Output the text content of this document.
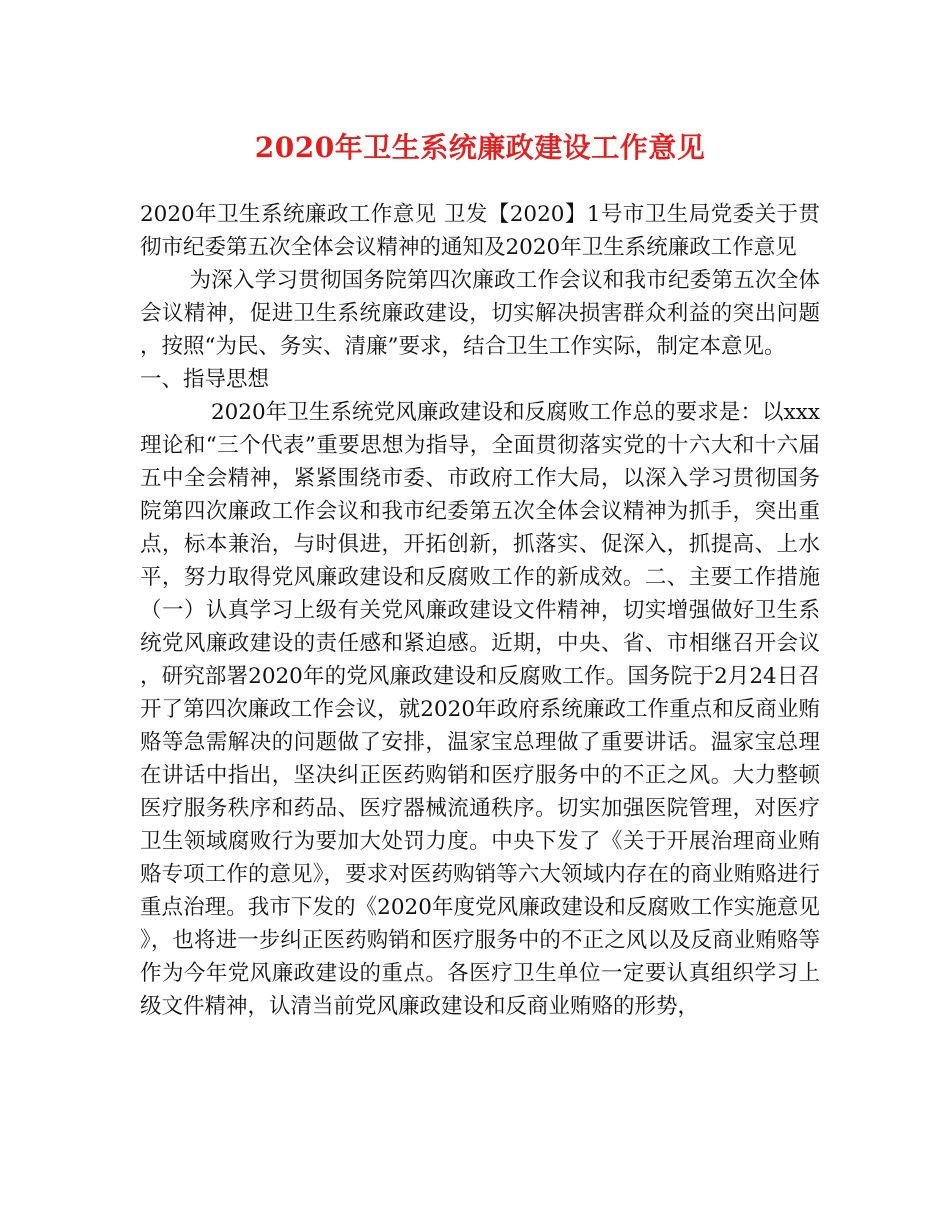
2020年卫生系统廉政建设工作意见

2020年卫生系统廉政工作意见 卫发【2020】1号市卫生局党委关于贯彻市纪委第五次全体会议精神的通知及2020年卫生系统廉政工作意见

为深入学习贯彻国务院第四次廉政工作会议和我市纪委第五次全体会议精神，促进卫生系统廉政建设，切实解决损害群众利益的突出问题，按照“为民、务实、清廉”要求，结合卫生工作实际，制定本意见。

一、指导思想

2020年卫生系统党风廉政建设和反腐败工作总的要求是：以xxx理论和“三个代表”重要思想为指导，全面贯彻落实党的十六大和十六届五中全会精神，紧紧围绕市委、市政府工作大局，以深入学习贯彻国务院第四次廉政工作会议和我市纪委第五次全体会议精神为抓手，突出重点，标本兼治，与时俱进，开拓创新，抓落实、促深入，抓提高、上水平，努力取得党风廉政建设和反腐败工作的新成效。二、主要工作措施（一）认真学习上级有关党风廉政建设文件精神，切实增强做好卫生系统党风廉政建设的责任感和紧迫感。近期，中央、省、市相继召开会议，研究部署2020年的党风廉政建设和反腐败工作。国务院于2月24日召开了第四次廉政工作会议，就2020年政府系统廉政工作重点和反商业贿赂等急需解决的问题做了安排，温家宝总理做了重要讲话。温家宝总理在讲话中指出，坚决纠正医药购销和医疗服务中的不正之风。大力整顿医疗服务秩序和药品、医疗器械流通秩序。切实加强医院管理，对医疗卫生领域腐败行为要加大处罚力度。中央下发了《关于开展治理商业贿赂专项工作的意见》，要求对医药购销等六大领域内存在的商业贿赂进行重点治理。我市下发的《2020年度党风廉政建设和反腐败工作实施意见》，也将进一步纠正医药购销和医疗服务中的不正之风以及反商业贿赂等作为今年党风廉政建设的重点。各医疗卫生单位一定要认真组织学习上级文件精神，认清当前党风廉政建设和反商业贿赂的形势，
